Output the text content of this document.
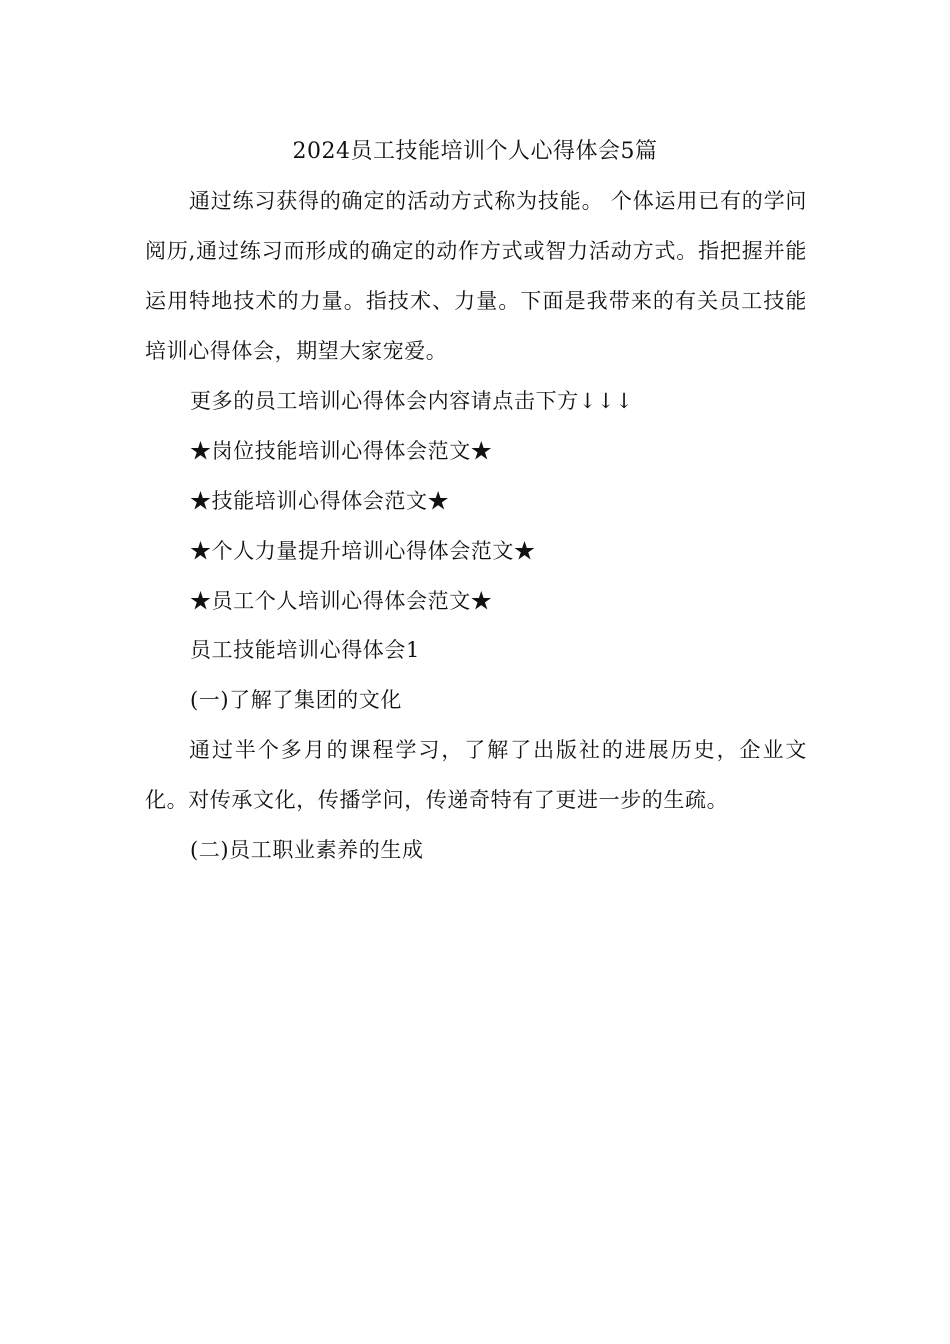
2024员工技能培训个人心得体会5篇

通过练习获得的确定的活动方式称为技能。 个体运用已有的学问阅历,通过练习而形成的确定的动作方式或智力活动方式。指把握并能运用特地技术的力量。指技术、力量。下面是我带来的有关员工技能培训心得体会，期望大家宠爱。

更多的员工培训心得体会内容请点击下方↓↓↓

★岗位技能培训心得体会范文★

★技能培训心得体会范文★

★个人力量提升培训心得体会范文★

★员工个人培训心得体会范文★

员工技能培训心得体会1

(一)了解了集团的文化

通过半个多月的课程学习，了解了出版社的进展历史，企业文化。对传承文化，传播学问，传递奇特有了更进一步的生疏。

(二)员工职业素养的生成
